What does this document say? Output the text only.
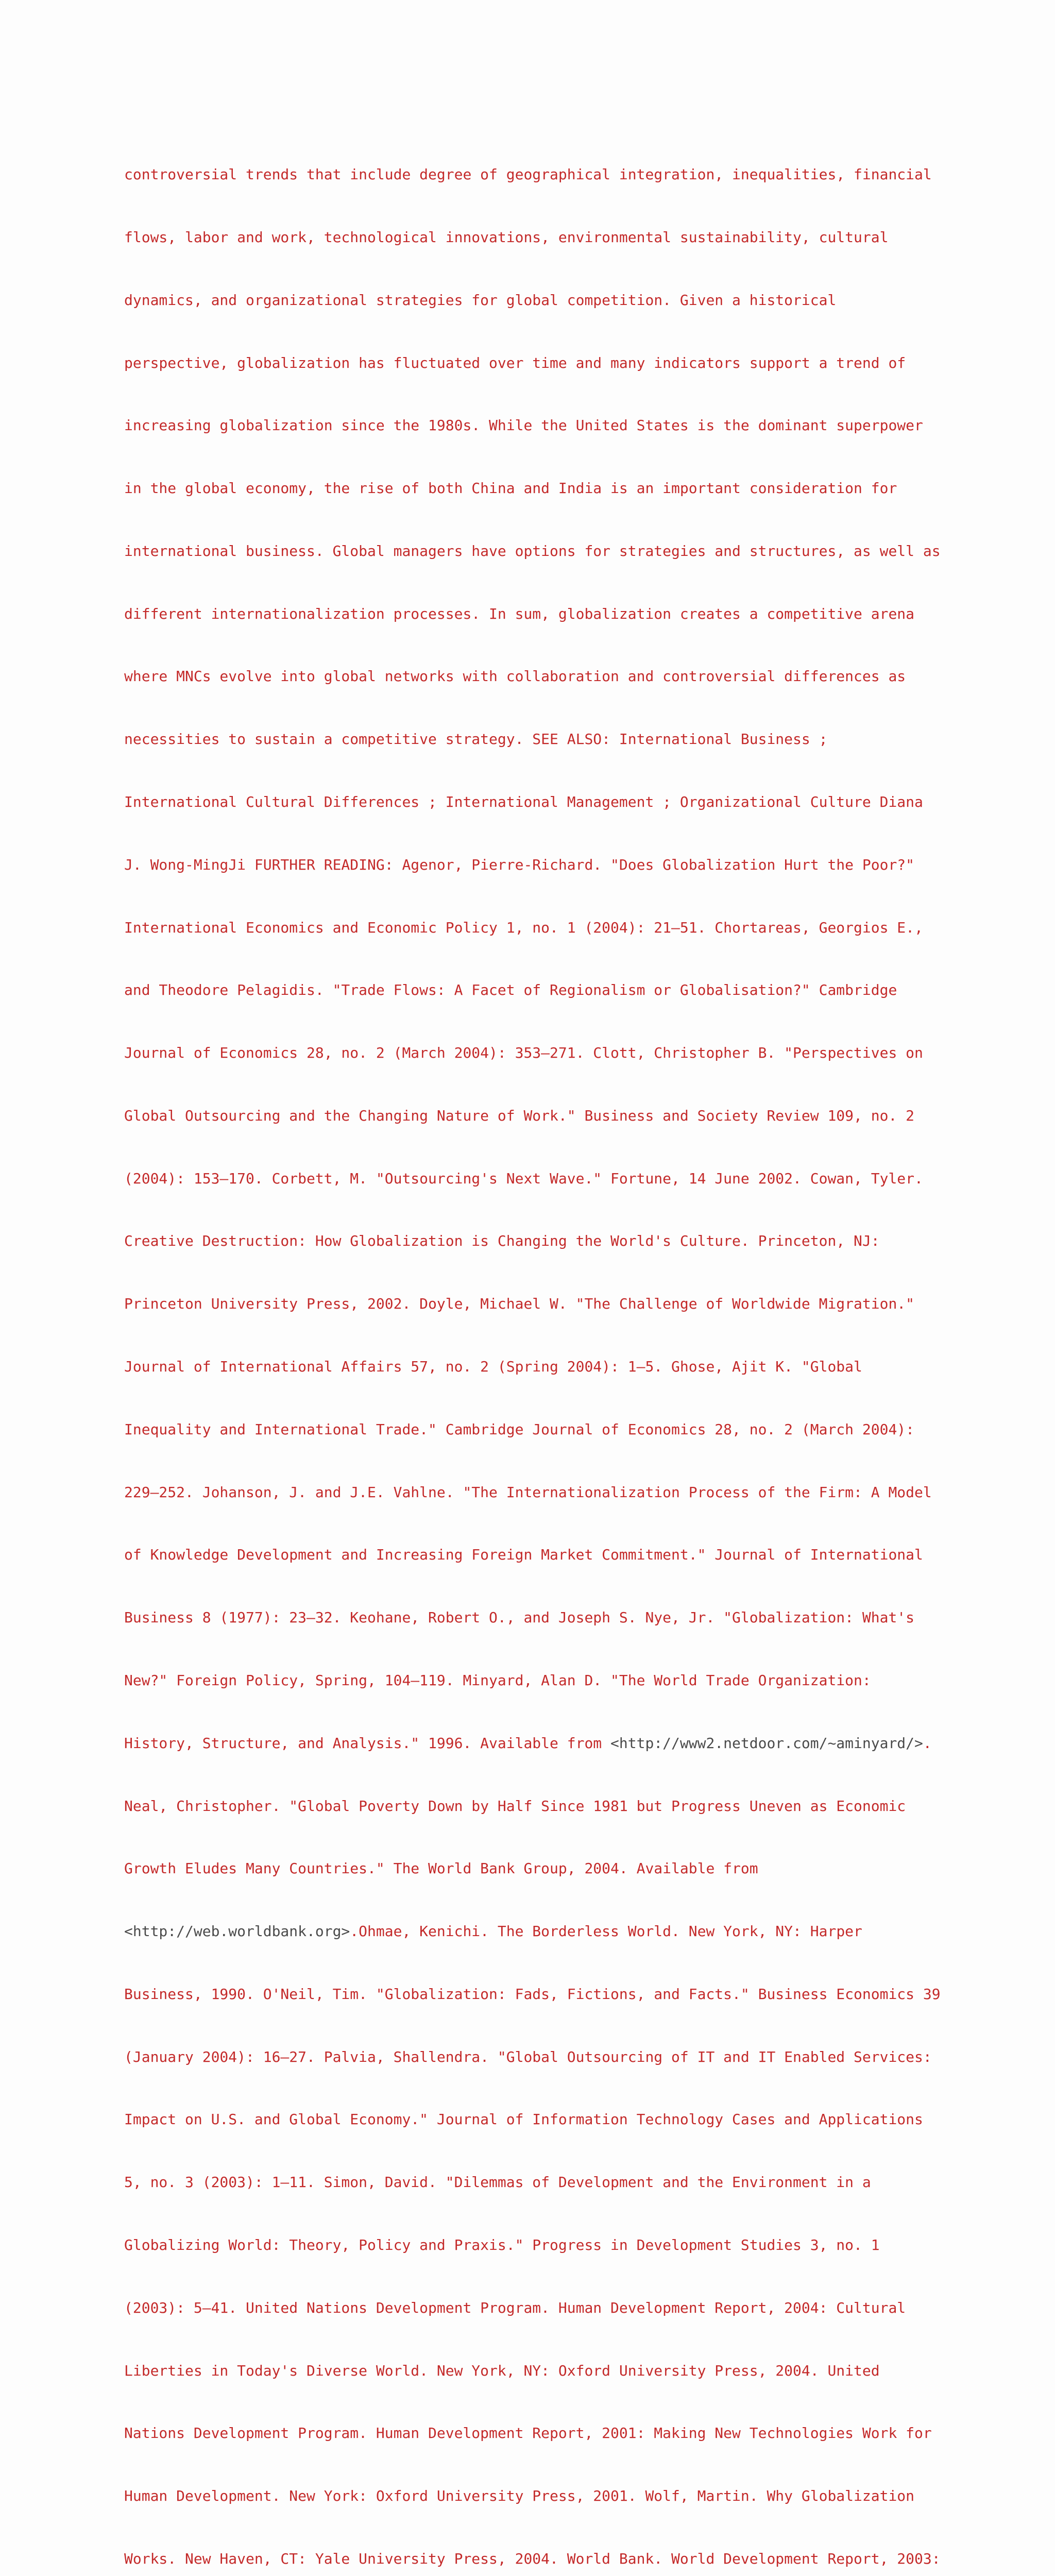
controversial trends that include degree of geographical integration, inequalities, financial

flows, labor and work, technological innovations, environmental sustainability, cultural

dynamics, and organizational strategies for global competition. Given a historical

perspective, globalization has fluctuated over time and many indicators support a trend of

increasing globalization since the 1980s. While the United States is the dominant superpower

in the global economy, the rise of both China and India is an important consideration for

international business. Global managers have options for strategies and structures, as well as

different internationalization processes. In sum, globalization creates a competitive arena

where MNCs evolve into global networks with collaboration and controversial differences as

necessities to sustain a competitive strategy. SEE ALSO: International Business ;

International Cultural Differences ; International Management ; Organizational Culture Diana

J. Wong-MingJi FURTHER READING: Agenor, Pierre-Richard. "Does Globalization Hurt the Poor?"

International Economics and Economic Policy 1, no. 1 (2004): 21–51. Chortareas, Georgios E.,

and Theodore Pelagidis. "Trade Flows: A Facet of Regionalism or Globalisation?" Cambridge

Journal of Economics 28, no. 2 (March 2004): 353–271. Clott, Christopher B. "Perspectives on

Global Outsourcing and the Changing Nature of Work." Business and Society Review 109, no. 2

(2004): 153–170. Corbett, M. "Outsourcing's Next Wave." Fortune, 14 June 2002. Cowan, Tyler.

Creative Destruction: How Globalization is Changing the World's Culture. Princeton, NJ:

Princeton University Press, 2002. Doyle, Michael W. "The Challenge of Worldwide Migration."

Journal of International Affairs 57, no. 2 (Spring 2004): 1–5. Ghose, Ajit K. "Global

Inequality and International Trade." Cambridge Journal of Economics 28, no. 2 (March 2004):

229–252. Johanson, J. and J.E. Vahlne. "The Internationalization Process of the Firm: A Model

of Knowledge Development and Increasing Foreign Market Commitment." Journal of International

Business 8 (1977): 23–32. Keohane, Robert O., and Joseph S. Nye, Jr. "Globalization: What's

New?" Foreign Policy, Spring, 104–119. Minyard, Alan D. "The World Trade Organization:

History, Structure, and Analysis." 1996. Available from <http://www2.netdoor.com/~aminyard/>.

Neal, Christopher. "Global Poverty Down by Half Since 1981 but Progress Uneven as Economic

Growth Eludes Many Countries." The World Bank Group, 2004. Available from

<http://web.worldbank.org>.Ohmae, Kenichi. The Borderless World. New York, NY: Harper

Business, 1990. O'Neil, Tim. "Globalization: Fads, Fictions, and Facts." Business Economics 39

(January 2004): 16–27. Palvia, Shallendra. "Global Outsourcing of IT and IT Enabled Services:

Impact on U.S. and Global Economy." Journal of Information Technology Cases and Applications

5, no. 3 (2003): 1–11. Simon, David. "Dilemmas of Development and the Environment in a

Globalizing World: Theory, Policy and Praxis." Progress in Development Studies 3, no. 1

(2003): 5–41. United Nations Development Program. Human Development Report, 2004: Cultural

Liberties in Today's Diverse World. New York, NY: Oxford University Press, 2004. United

Nations Development Program. Human Development Report, 2001: Making New Technologies Work for

Human Development. New York: Oxford University Press, 2001. Wolf, Martin. Why Globalization

Works. New Haven, CT: Yale University Press, 2004. World Bank. World Development Report, 2003:
